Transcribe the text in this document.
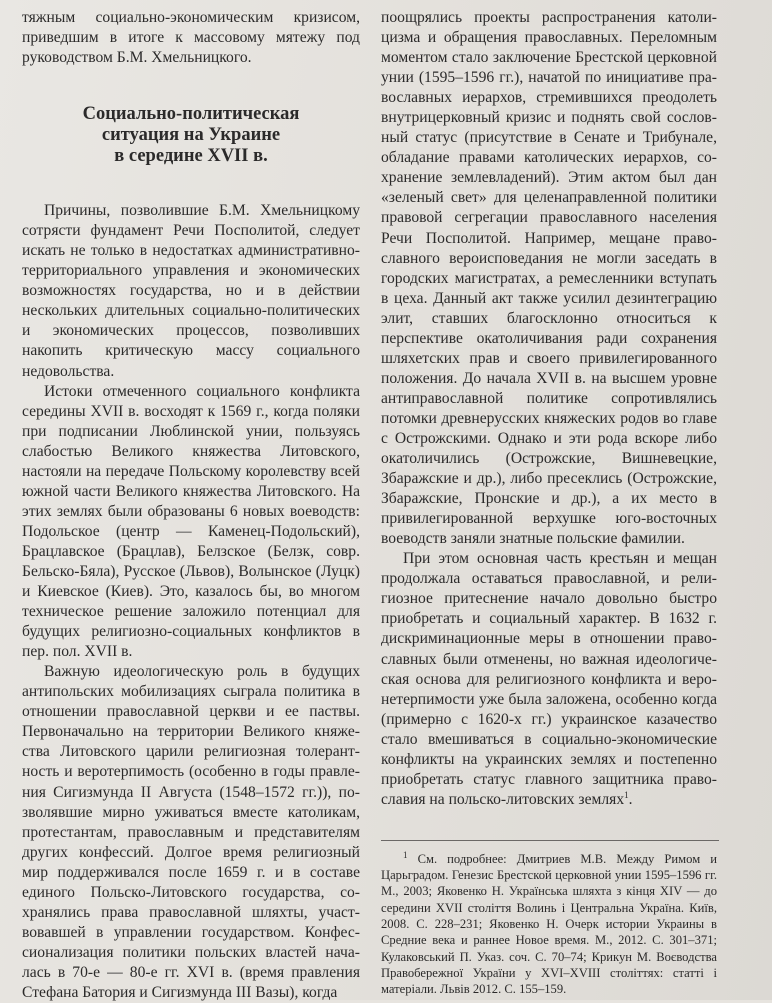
тяжным социально-экономическим кризисом, приведшим в итоге к массовому мятежу под руководством Б.М. Хмельницкого.

Социально-политическая
ситуация на Украине
в середине XVII в.

Причины, позволившие Б.М. Хмельницкому сотрясти фундамент Речи Посполитой, следует искать не только в недостатках административно-территориального управления и экономических возможностях государства, но и в действии нескольких длительных социально-политических и экономических процессов, позволивших накопить критическую массу социального недовольства.

Истоки отмеченного социального конфликта середины XVII в. восходят к 1569 г., когда поляки при подписании Люблинской унии, пользуясь слабостью Великого княжества Литовского, настояли на передаче Польскому королевству всей южной части Великого княжества Литовского. На этих землях были образованы 6 новых воеводств: Подольское (центр — Каменец-Подольский), Брацлавское (Брацлав), Белзское (Белзк, совр. Бельско-Бяла), Русское (Львов), Волынское (Луцк) и Киевское (Киев). Это, казалось бы, во многом техническое решение заложило потенциал для будущих религиозно-социальных конфликтов в пер. пол. XVII в.

Важную идеологическую роль в будущих антипольских мобилизациях сыграла политика в отношении православной церкви и ее паствы. Первоначально на территории Великого княжества Литовского царили религиозная толерантность и веротерпимость (особенно в годы правления Сигизмунда II Августа (1548–1572 гг.)), позволявшие мирно уживаться вместе католикам, протестантам, православным и представителям других конфессий. Долгое время религиозный мир поддерживался после 1659 г. и в составе единого Польско-Литовского государства, сохранялись права православной шляхты, участвовавшей в управлении государством. Конфессионализация политики польских властей началась в 70-е — 80-е гг. XVI в. (время правления Стефана Батория и Сигизмунда III Вазы), когда

поощрялись проекты распространения католицизма и обращения православных. Переломным моментом стало заключение Брестской церковной унии (1595–1596 гг.), начатой по инициативе православных иерархов, стремившихся преодолеть внутрицерковный кризис и поднять свой сословный статус (присутствие в Сенате и Трибунале, обладание правами католических иерархов, сохранение землевладений). Этим актом был дан «зеленый свет» для целенаправленной политики правовой сегрегации православного населения Речи Посполитой. Например, мещане православного вероисповедания не могли заседать в городских магистратах, а ремесленники вступать в цеха. Данный акт также усилил дезинтеграцию элит, ставших благосклонно относиться к перспективе окатоличивания ради сохранения шляхетских прав и своего привилегированного положения. До начала XVII в. на высшем уровне антиправославной политике сопротивлялись потомки древнерусских княжеских родов во главе с Острожскими. Однако и эти рода вскоре либо окатоличились (Острожские, Вишневецкие, Збаражские и др.), либо пресеклись (Острожские, Збаражские, Пронские и др.), а их место в привилегированной верхушке юго-восточных воеводств заняли знатные польские фамилии.

При этом основная часть крестьян и мещан продолжала оставаться православной, и религиозное притеснение начало довольно быстро приобретать и социальный характер. В 1632 г. дискриминационные меры в отношении православных были отменены, но важная идеологическая основа для религиозного конфликта и веронетерпимости уже была заложена, особенно когда (примерно с 1620-х гг.) украинское казачество стало вмешиваться в социально-экономические конфликты на украинских землях и постепенно приобретать статус главного защитника православия на польско-литовских землях$^1$.

$^1$ См. подробнее: Дмитриев М.В. Между Римом и Царьградом. Генезис Брестской церковной унии 1595–1596 гг. М., 2003; Яковенко Н. Українська шляхта з кінця XIV — до середини XVII століття Волинь і Центральна Україна. Київ, 2008. С. 228–231; Яковенко Н. Очерк истории Украины в Средние века и раннее Новое время. М., 2012. С. 301–371; Кулаковський П. Указ. соч. С. 70–74; Крикун М. Воєводства Правобережної України у XVI–XVIII століттях: статті і матеріали. Львів 2012. С. 155–159.
